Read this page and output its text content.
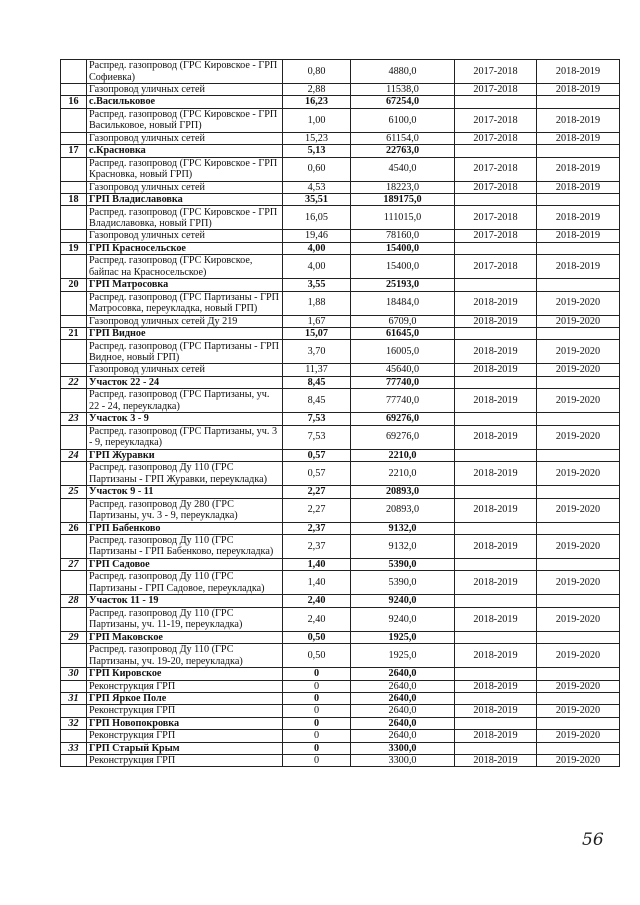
	Распред. газопровод (ГРС Кировское - ГРП Софиевка)	0,80	4880,0	2017-2018	2018-2019
	Газопровод уличных сетей	2,88	11538,0	2017-2018	2018-2019
16	с.Васильковое	16,23	67254,0		
	Распред. газопровод (ГРС Кировское - ГРП Васильковое, новый ГРП)	1,00	6100,0	2017-2018	2018-2019
	Газопровод уличных сетей	15,23	61154,0	2017-2018	2018-2019
17	с.Красновка	5,13	22763,0		
	Распред. газопровод (ГРС Кировское - ГРП Красновка, новый ГРП)	0,60	4540,0	2017-2018	2018-2019
	Газопровод уличных сетей	4,53	18223,0	2017-2018	2018-2019
18	ГРП Владиславовка	35,51	189175,0		
	Распред. газопровод (ГРС Кировское - ГРП Владиславовка, новый ГРП)	16,05	111015,0	2017-2018	2018-2019
	Газопровод уличных сетей	19,46	78160,0	2017-2018	2018-2019
19	ГРП Красносельское	4,00	15400,0		
	Распред. газопровод (ГРС Кировское, байпас на Красносельское)	4,00	15400,0	2017-2018	2018-2019
20	ГРП Матросовка	3,55	25193,0		
	Распред. газопровод (ГРС Партизаны - ГРП Матросовка, переукладка, новый ГРП)	1,88	18484,0	2018-2019	2019-2020
	Газопровод уличных сетей Ду 219	1,67	6709,0	2018-2019	2019-2020
21	ГРП Видное	15,07	61645,0		
	Распред. газопровод (ГРС Партизаны - ГРП Видное, новый ГРП)	3,70	16005,0	2018-2019	2019-2020
	Газопровод уличных сетей	11,37	45640,0	2018-2019	2019-2020
22	Участок 22 - 24	8,45	77740,0		
	Распред. газопровод (ГРС Партизаны, уч. 22 - 24, переукладка)	8,45	77740,0	2018-2019	2019-2020
23	Участок 3 - 9	7,53	69276,0		
	Распред. газопровод (ГРС Партизаны, уч. 3 - 9, переукладка)	7,53	69276,0	2018-2019	2019-2020
24	ГРП Журавки	0,57	2210,0		
	Распред. газопровод Ду 110 (ГРС Партизаны - ГРП Журавки, переукладка)	0,57	2210,0	2018-2019	2019-2020
25	Участок 9 - 11	2,27	20893,0		
	Распред. газопровод Ду 280 (ГРС Партизаны, уч. 3 - 9, переукладка)	2,27	20893,0	2018-2019	2019-2020
26	ГРП Бабенково	2,37	9132,0		
	Распред. газопровод Ду 110 (ГРС Партизаны - ГРП Бабенково, переукладка)	2,37	9132,0	2018-2019	2019-2020
27	ГРП Садовое	1,40	5390,0		
	Распред. газопровод Ду 110 (ГРС Партизаны - ГРП Садовое, переукладка)	1,40	5390,0	2018-2019	2019-2020
28	Участок 11 - 19	2,40	9240,0		
	Распред. газопровод Ду 110 (ГРС Партизаны, уч. 11-19, переукладка)	2,40	9240,0	2018-2019	2019-2020
29	ГРП Маковское	0,50	1925,0		
	Распред. газопровод Ду 110 (ГРС Партизаны, уч. 19-20, переукладка)	0,50	1925,0	2018-2019	2019-2020
30	ГРП Кировское	0	2640,0		
	Реконструкция ГРП	0	2640,0	2018-2019	2019-2020
31	ГРП Яркое Поле	0	2640,0		
	Реконструкция ГРП	0	2640,0	2018-2019	2019-2020
32	ГРП Новопокровка	0	2640,0		
	Реконструкция ГРП	0	2640,0	2018-2019	2019-2020
33	ГРП Старый Крым	0	3300,0		
	Реконструкция ГРП	0	3300,0	2018-2019	2019-2020
56
